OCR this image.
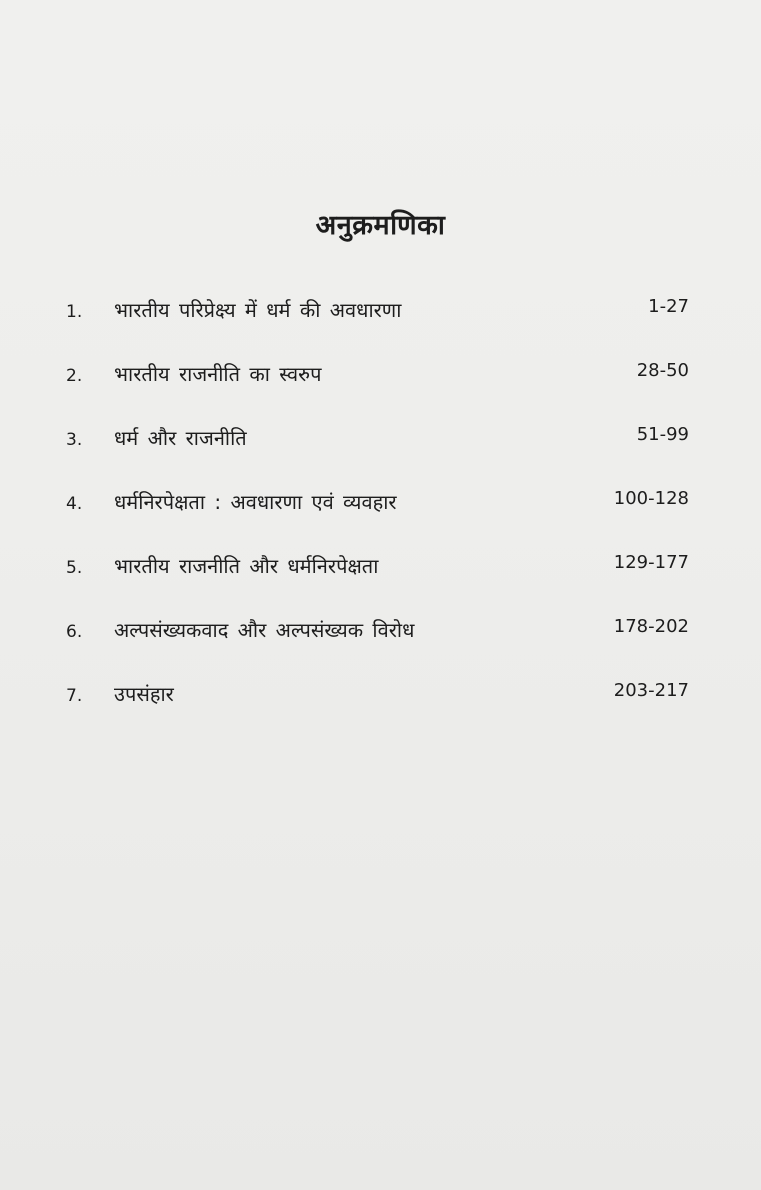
अनुक्रमणिका
1.	भारतीय परिप्रेक्ष्य में धर्म की अवधारणा	1-27
2.	भारतीय राजनीति का स्वरुप	28-50
3.	धर्म और राजनीति	51-99
4.	धर्मनिरपेक्षता : अवधारणा एवं व्यवहार	100-128
5.	भारतीय राजनीति और धर्मनिरपेक्षता	129-177
6.	अल्पसंख्यकवाद और अल्पसंख्यक विरोध	178-202
7.	उपसंहार	203-217
